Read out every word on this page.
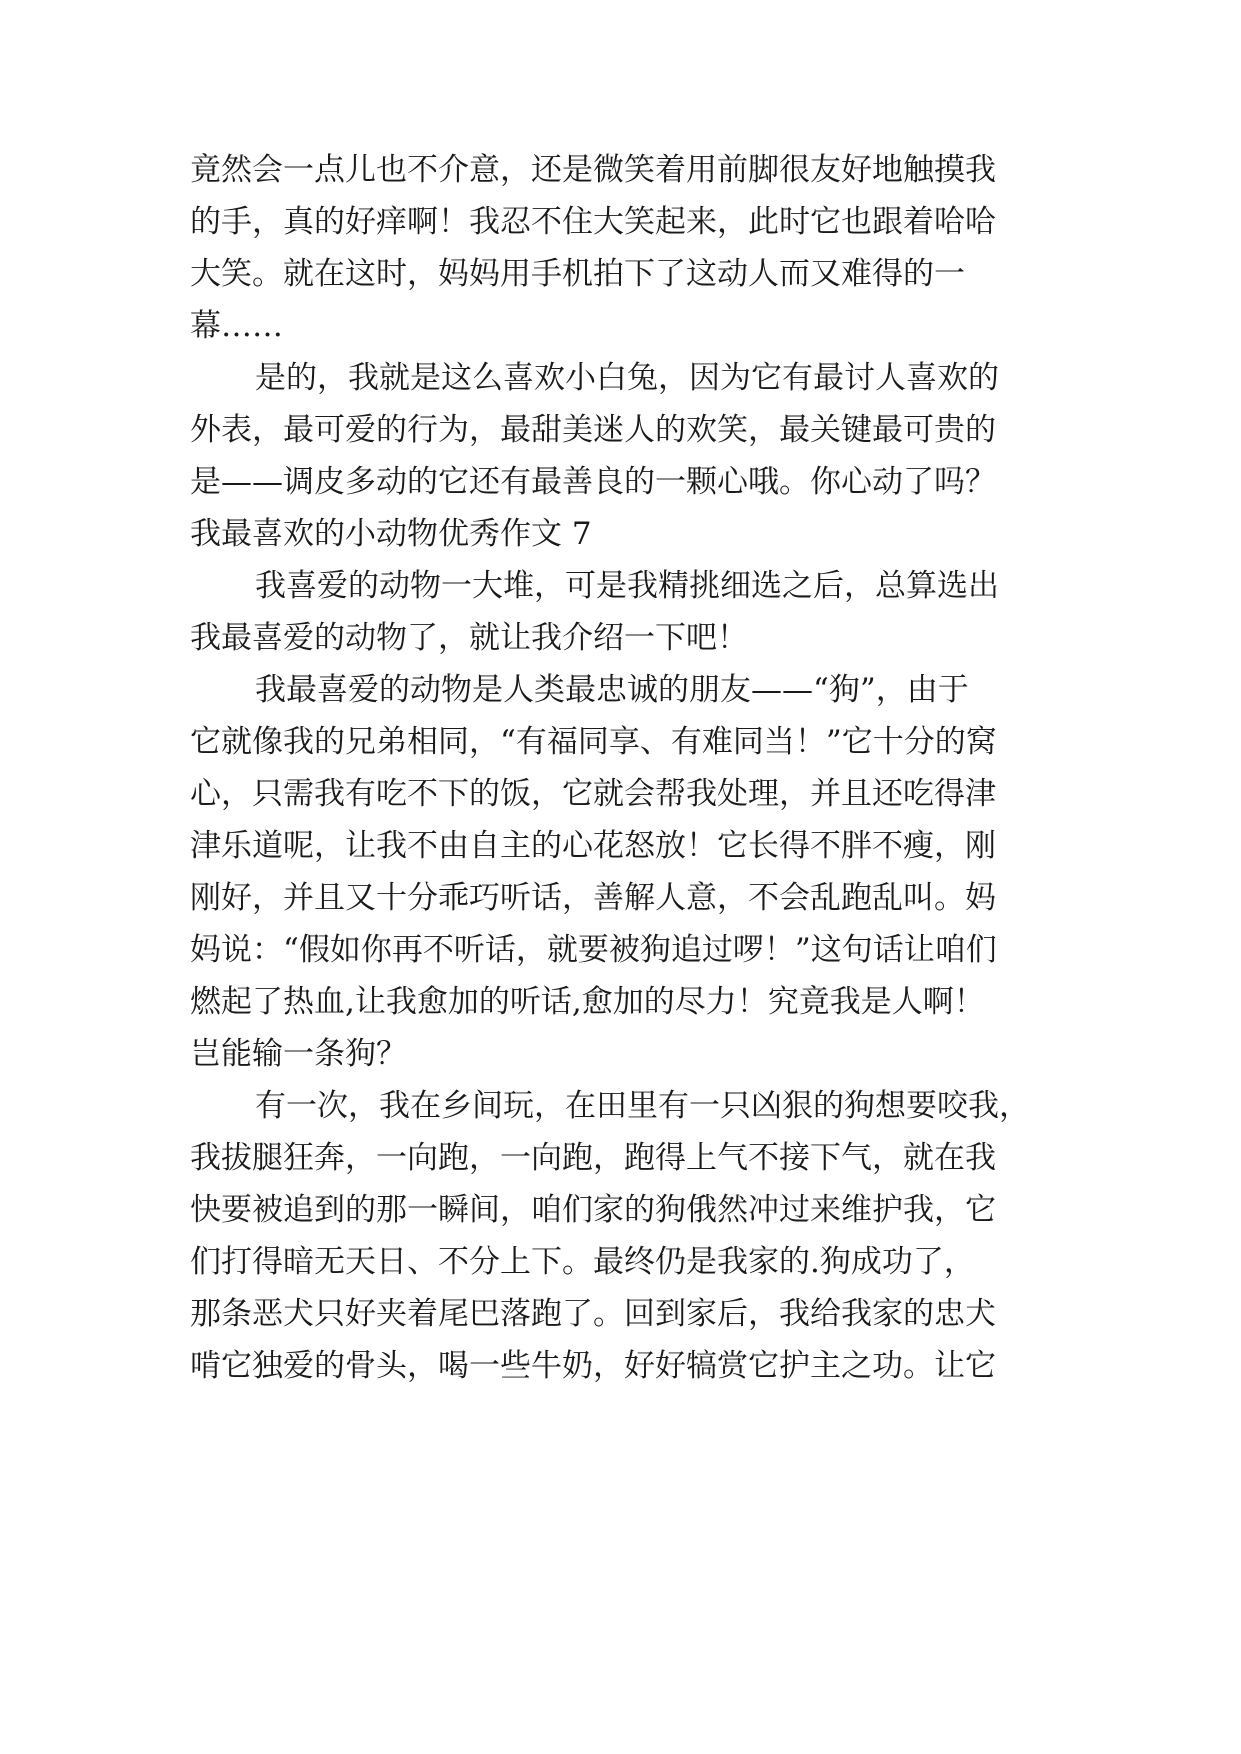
竟然会一点儿也不介意，还是微笑着用前脚很友好地触摸我
的手，真的好痒啊！我忍不住大笑起来，此时它也跟着哈哈
大笑。就在这时，妈妈用手机拍下了这动人而又难得的一
幕……
是的，我就是这么喜欢小白兔，因为它有最讨人喜欢的
外表，最可爱的行为，最甜美迷人的欢笑，最关键最可贵的
是——调皮多动的它还有最善良的一颗心哦。你心动了吗？
我最喜欢的小动物优秀作文 7
我喜爱的动物一大堆，可是我精挑细选之后，总算选出
我最喜爱的动物了，就让我介绍一下吧！
我最喜爱的动物是人类最忠诚的朋友——“狗”，由于
它就像我的兄弟相同，“有福同享、有难同当！”它十分的窝
心，只需我有吃不下的饭，它就会帮我处理，并且还吃得津
津乐道呢，让我不由自主的心花怒放！它长得不胖不瘦，刚
刚好，并且又十分乖巧听话，善解人意，不会乱跑乱叫。妈
妈说：“假如你再不听话，就要被狗追过啰！”这句话让咱们
燃起了热血,让我愈加的听话,愈加的尽力！究竟我是人啊！
岂能输一条狗？
有一次，我在乡间玩，在田里有一只凶狠的狗想要咬我，
我拔腿狂奔，一向跑，一向跑，跑得上气不接下气，就在我
快要被追到的那一瞬间，咱们家的狗俄然冲过来维护我，它
们打得暗无天日、不分上下。最终仍是我家的.狗成功了，
那条恶犬只好夹着尾巴落跑了。回到家后，我给我家的忠犬
啃它独爱的骨头，喝一些牛奶，好好犒赏它护主之功。让它
